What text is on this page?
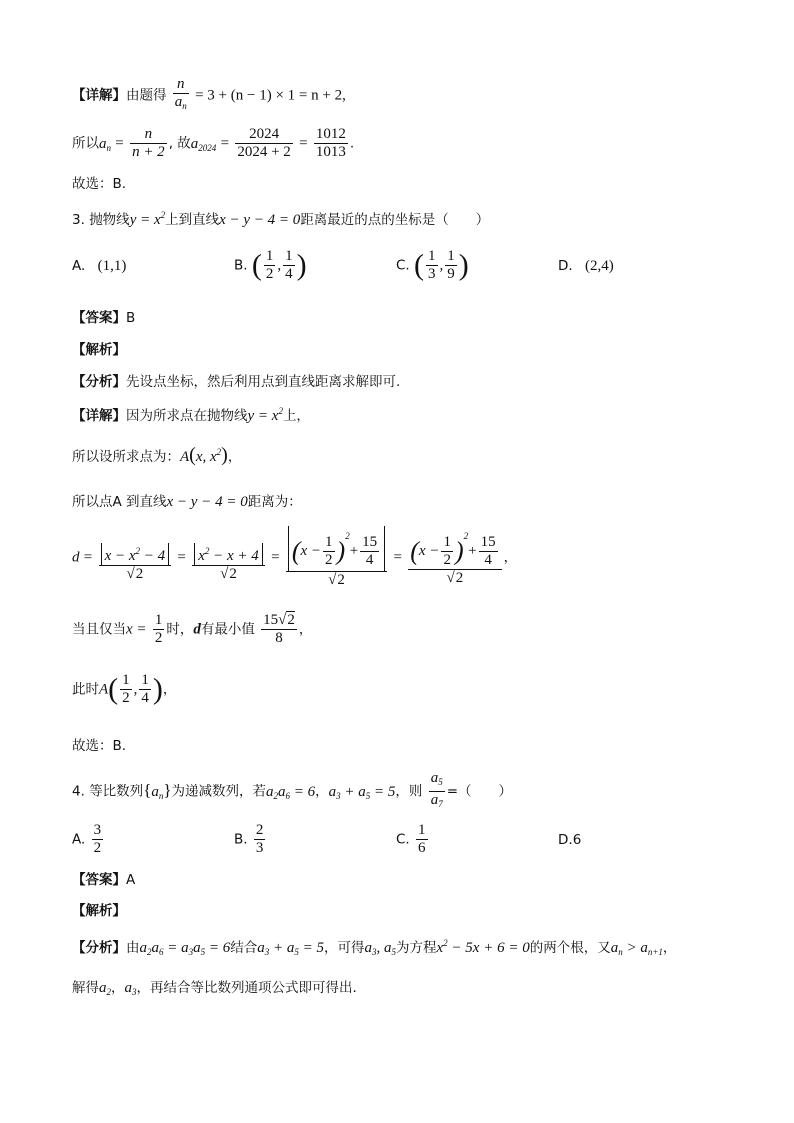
【详解】由题得 $\frac{n}{a_n} = 3 + (n - 1) \times 1 = n + 2$,
所以$a_n = \frac{n}{n + 2}$ , 故$a_{2024} = \frac{2024}{2024 + 2} = \frac{1012}{1013}$ .
故选：B.
3. 抛物线$y = x^2$上到直线x − y − 4 = 0距离最近的点的坐标是（　　）
A. (1,1)	B. ( $\frac{1}{2}$ , $\frac{1}{4}$ )	C. ( $\frac{1}{3}$ , $\frac{1}{9}$ )	D. (2,4)
【答案】B
【解析】
【分析】先设点坐标，然后利用点到直线距离求解即可.
【详解】因为所求点在抛物线$y = x^2$上，
所以设所求点为：A(x, $x^2$)，
所以点A 到直线x − y − 4 = 0距离为：
$d = \frac{x - x^2 - 4}{√2} = \frac{x^2 - x + 4}{√2} = \frac{(x - \frac{1}{2} )^2+ \frac{15}{4}}{√2} = \frac{(x - \frac{1}{2} )^2+ \frac{15}{4}}{√2}$ ，
当且仅当$x = \frac{1}{2}$ 时，d有最小值 $\frac{15√2}{8}$ ，
此时$A( \frac{1}{2}$ , $\frac{1}{4}$ )，
故选：B.
4. 等比数列$\{a_n\}$为递减数列，若$a_2a_6 = 6$，$a_3 + a_5 = 5$，则 $\frac{a_5}{a_7}$ =（　　）
A. $\frac{3}{2}$	B. $\frac{2}{3}$	C. $\frac{1}{6}$	D.6
【答案】A
【解析】
【分析】由$a_2a_6 = a_3a_5 = 6$结合$a_3 + a_5 = 5$，可得$a_3$, $a_5$为方程$x^2 - 5x + 6 = 0$的两个根，又$a_n > a_{n+1}$，
解得$a_2$，$a_3$，再结合等比数列通项公式即可得出.
